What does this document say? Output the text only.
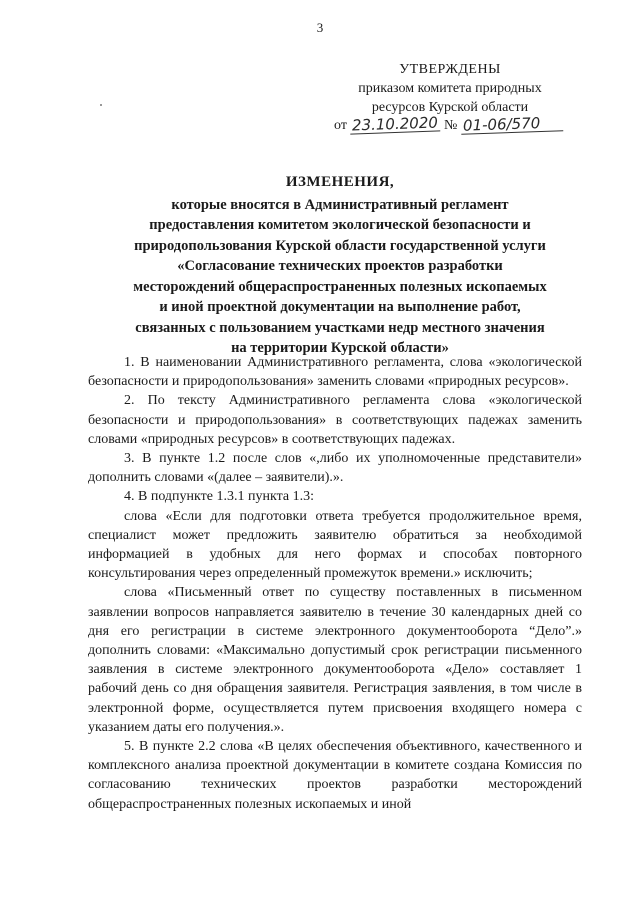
3
УТВЕРЖДЕНЫ
приказом комитета природных
ресурсов Курской области
от 23.10.2020 № 01-06/570
ИЗМЕНЕНИЯ,
которые вносятся в Административный регламент
предоставления комитетом экологической безопасности и
природопользования Курской области государственной услуги
«Согласование технических проектов разработки
месторождений общераспространенных полезных ископаемых
и иной проектной документации на выполнение работ,
связанных с пользованием участками недр местного значения
на территории Курской области»

1. В наименовании Административного регламента, слова «экологической безопасности и природопользования» заменить словами «природных ресурсов».

2. По тексту Административного регламента слова «экологической безопасности и природопользования» в соответствующих падежах заменить словами «природных ресурсов» в соответствующих падежах.

3. В пункте 1.2 после слов «,либо их уполномоченные представители» дополнить словами «(далее – заявители).».

4. В подпункте 1.3.1 пункта 1.3:

слова «Если для подготовки ответа требуется продолжительное время, специалист может предложить заявителю обратиться за необходимой информацией в удобных для него формах и способах повторного консультирования через определенный промежуток времени.» исключить;

слова «Письменный ответ по существу поставленных в письменном заявлении вопросов направляется заявителю в течение 30 календарных дней со дня его регистрации в системе электронного документооборота “Дело”.» дополнить словами: «Максимально допустимый срок регистрации письменного заявления в системе электронного документооборота «Дело» составляет 1 рабочий день со дня обращения заявителя. Регистрация заявления, в том числе в электронной форме, осуществляется путем присвоения входящего номера с указанием даты его получения.».

5. В пункте 2.2 слова «В целях обеспечения объективного, качественного и комплексного анализа проектной документации в комитете создана Комиссия по согласованию технических проектов разработки месторождений общераспространенных полезных ископаемых и иной
